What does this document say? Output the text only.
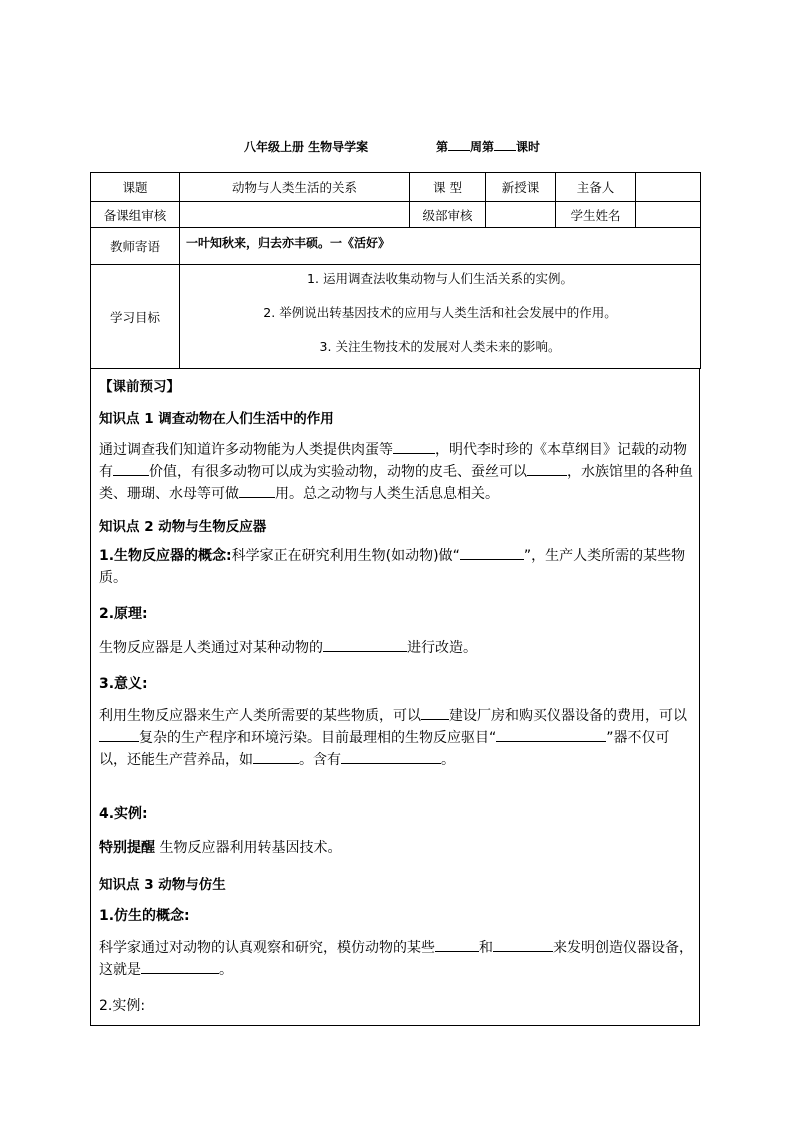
八年级上册 生物导学案	第 周第 课时
课题	动物与人类生活的关系	课 型	新授课	主备人	
备课组审核		级部审核		学生姓名	
教师寄语	一叶知秋来，归去亦丰硕。一《活好》				
学习目标	1. 运用调查法收集动物与人们生活关系的实例。
2. 举例说出转基因技术的应用与人类生活和社会发展中的作用。
3. 关注生物技术的发展对人类未来的影响。				
【课前预习】
知识点 1 调查动物在人们生活中的作用
通过调查我们知道许多动物能为人类提供肉蛋等	，明代李时珍的《本草纲目》记载的动物有	价值，有很多动物可以成为实验动物，动物的皮毛、蚕丝可以	，水族馆里的各种鱼类、珊瑚、水母等可做	用。总之动物与人类生活息息相关。
知识点 2 动物与生物反应器
1.生物反应器的概念:科学家正在研究利用生物(如动物)做“	”，生产人类所需的某些物质。
2.原理:
生物反应器是人类通过对某种动物的	进行改造。
3.意义:
利用生物反应器来生产人类所需要的某些物质，可以 建设厂房和购买仪器设备的费用，可以复杂的生产程序和环境污染。目前最理相的生物反应驱目“	”器不仅可以，还能生产营养品，如	。含有	。
4.实例:
特别提醒 生物反应器利用转基因技术。
知识点 3 动物与仿生
1.仿生的概念:
科学家通过对动物的认真观察和研究，模仿动物的某些	和	来发明创造仪器设备，这就是	。
2.实例:
